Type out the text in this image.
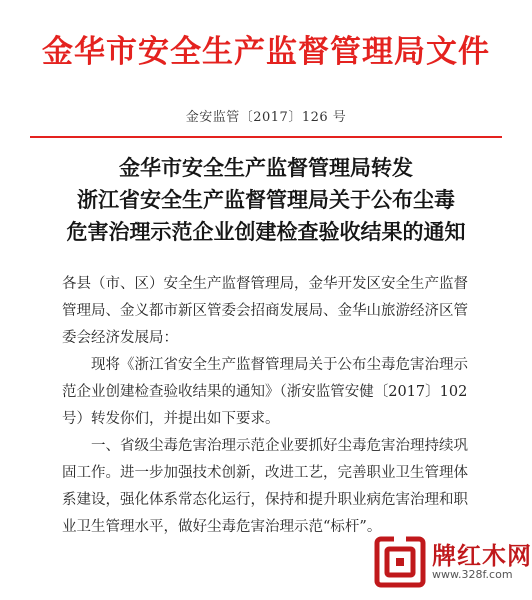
金华市安全生产监督管理局文件
金安监管〔2017〕126 号
金华市安全生产监督管理局转发
浙江省安全生产监督管理局关于公布尘毒
危害治理示范企业创建检查验收结果的通知
各县（市、区）安全生产监督管理局，金华开发区安全生产监督
管理局、金义都市新区管委会招商发展局、金华山旅游经济区管
委会经济发展局：
　　现将《浙江省安全生产监督管理局关于公布尘毒危害治理示
范企业创建检查验收结果的通知》（浙安监管安健〔2017〕102
号）转发你们，并提出如下要求。
　　一、省级尘毒危害治理示范企业要抓好尘毒危害治理持续巩
固工作。进一步加强技术创新，改进工艺，完善职业卫生管理体
系建设，强化体系常态化运行，保持和提升职业病危害治理和职
业卫生管理水平，做好尘毒危害治理示范“标杆”。
牌红木网
www.328f.com
